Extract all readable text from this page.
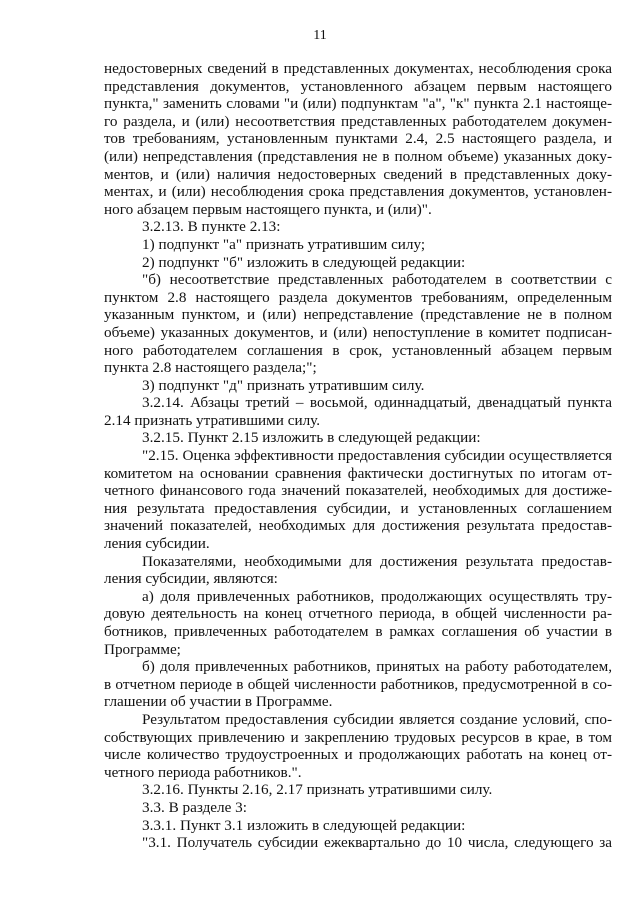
11

недостоверных сведений в представленных документах, несоблюдения срока представления документов, установленного абзацем первым настоящего пункта," заменить словами "и (или) подпунктам "а", "к" пункта 2.1 настоящего раздела, и (или) несоответствия представленных работодателем документов требованиям, установленным пунктами 2.4, 2.5 настоящего раздела, и (или) непредставления (представления не в полном объеме) указанных документов, и (или) наличия недостоверных сведений в представленных документах, и (или) несоблюдения срока представления документов, установленного абзацем первым настоящего пункта, и (или)".

3.2.13. В пункте 2.13:

1) подпункт "а" признать утратившим силу;

2) подпункт "б" изложить в следующей редакции:

"б) несоответствие представленных работодателем в соответствии с пунктом 2.8 настоящего раздела документов требованиям, определенным указанным пунктом, и (или) непредставление (представление не в полном объеме) указанных документов, и (или) непоступление в комитет подписанного работодателем соглашения в срок, установленный абзацем первым пункта 2.8 настоящего раздела;";

3) подпункт "д" признать утратившим силу.

3.2.14. Абзацы третий – восьмой, одиннадцатый, двенадцатый пункта 2.14 признать утратившими силу.

3.2.15. Пункт 2.15 изложить в следующей редакции:

"2.15. Оценка эффективности предоставления субсидии осуществляется комитетом на основании сравнения фактически достигнутых по итогам отчетного финансового года значений показателей, необходимых для достижения результата предоставления субсидии, и установленных соглашением значений показателей, необходимых для достижения результата предоставления субсидии.

Показателями, необходимыми для достижения результата предоставления субсидии, являются:

а) доля привлеченных работников, продолжающих осуществлять трудовую деятельность на конец отчетного периода, в общей численности работников, привлеченных работодателем в рамках соглашения об участии в Программе;

б) доля привлеченных работников, принятых на работу работодателем, в отчетном периоде в общей численности работников, предусмотренной в соглашении об участии в Программе.

Результатом предоставления субсидии является создание условий, способствующих привлечению и закреплению трудовых ресурсов в крае, в том числе количество трудоустроенных и продолжающих работать на конец отчетного периода работников.".

3.2.16. Пункты 2.16, 2.17 признать утратившими силу.

3.3. В разделе 3:

3.3.1. Пункт 3.1 изложить в следующей редакции:

"3.1. Получатель субсидии ежеквартально до 10 числа, следующего за
